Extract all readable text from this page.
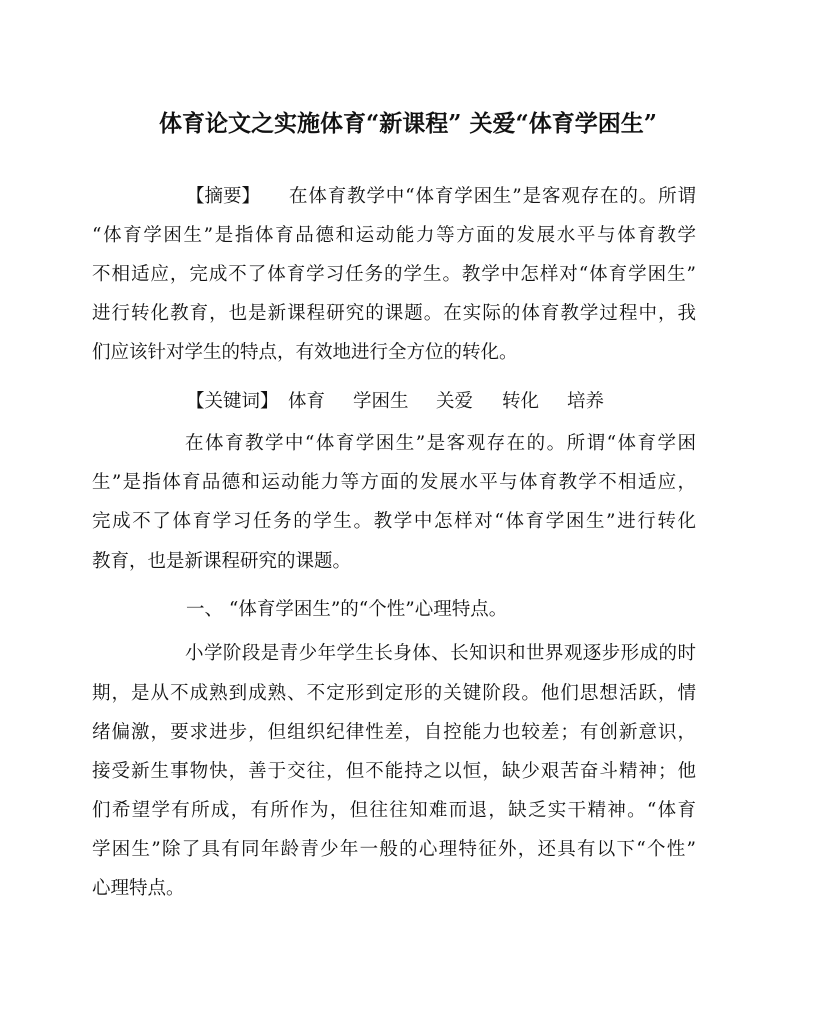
体育论文之实施体育“新课程” 关爱“体育学困生”
【摘要】 在体育教学中“体育学困生”是客观存在的。所谓
“体育学困生”是指体育品德和运动能力等方面的发展水平与体育教学
不相适应，完成不了体育学习任务的学生。教学中怎样对“体育学困生”
进行转化教育，也是新课程研究的课题。在实际的体育教学过程中，我
们应该针对学生的特点，有效地进行全方位的转化。
【关键词】 体育 学困生 关爱 转化 培养
在体育教学中“体育学困生”是客观存在的。所谓“体育学困
生”是指体育品德和运动能力等方面的发展水平与体育教学不相适应，
完成不了体育学习任务的学生。教学中怎样对“体育学困生”进行转化
教育，也是新课程研究的课题。
一、 “体育学困生”的“个性”心理特点。
小学阶段是青少年学生长身体、长知识和世界观逐步形成的时
期，是从不成熟到成熟、不定形到定形的关键阶段。他们思想活跃，情
绪偏激，要求进步，但组织纪律性差，自控能力也较差；有创新意识，
接受新生事物快，善于交往，但不能持之以恒，缺少艰苦奋斗精神；他
们希望学有所成，有所作为，但往往知难而退，缺乏实干精神。“体育
学困生”除了具有同年龄青少年一般的心理特征外，还具有以下“个性”
心理特点。
